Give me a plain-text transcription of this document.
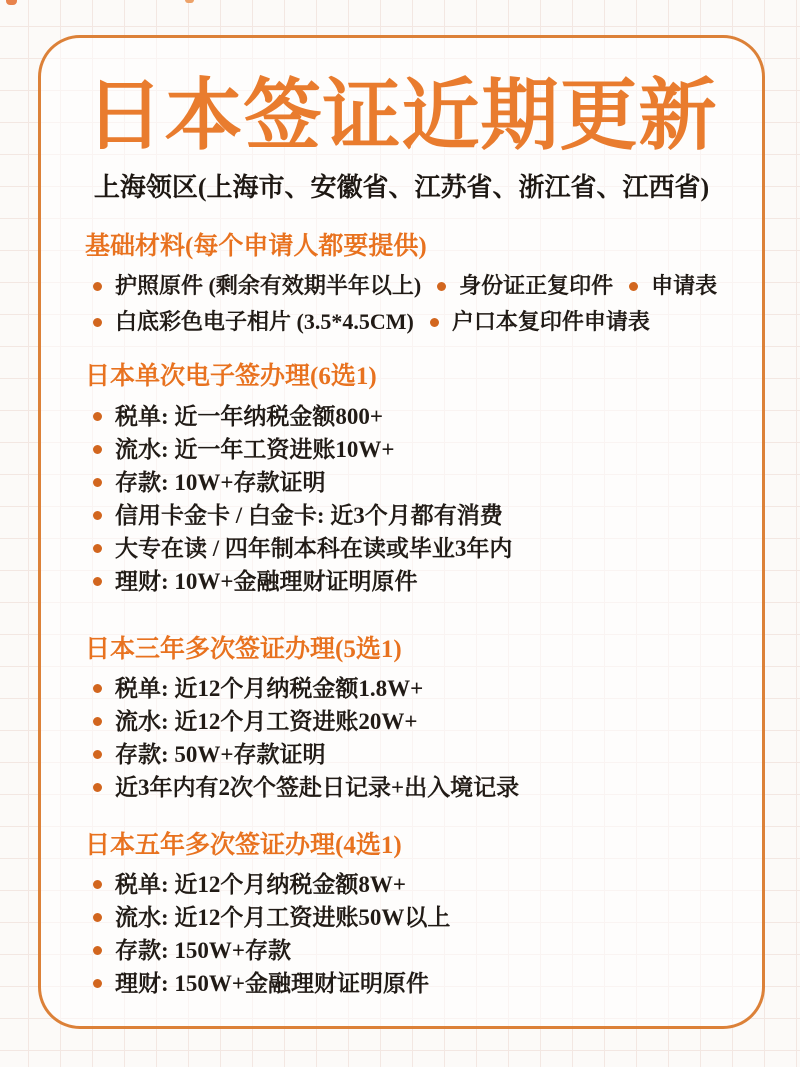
日本签证近期更新
上海领区(上海市、安徽省、江苏省、浙江省、江西省)
基础材料(每个申请人都要提供)
护照原件 (剩余有效期半年以上) 身份证正复印件 申请表
白底彩色电子相片 (3.5*4.5CM) 户口本复印件申请表
日本单次电子签办理(6选1)
税单: 近一年纳税金额800+
流水: 近一年工资进账10W+
存款: 10W+存款证明
信用卡金卡 / 白金卡: 近3个月都有消费
大专在读 / 四年制本科在读或毕业3年内
理财: 10W+金融理财证明原件
日本三年多次签证办理(5选1)
税单: 近12个月纳税金额1.8W+
流水: 近12个月工资进账20W+
存款: 50W+存款证明
近3年内有2次个签赴日记录+出入境记录
日本五年多次签证办理(4选1)
税单: 近12个月纳税金额8W+
流水: 近12个月工资进账50W以上
存款: 150W+存款
理财: 150W+金融理财证明原件
